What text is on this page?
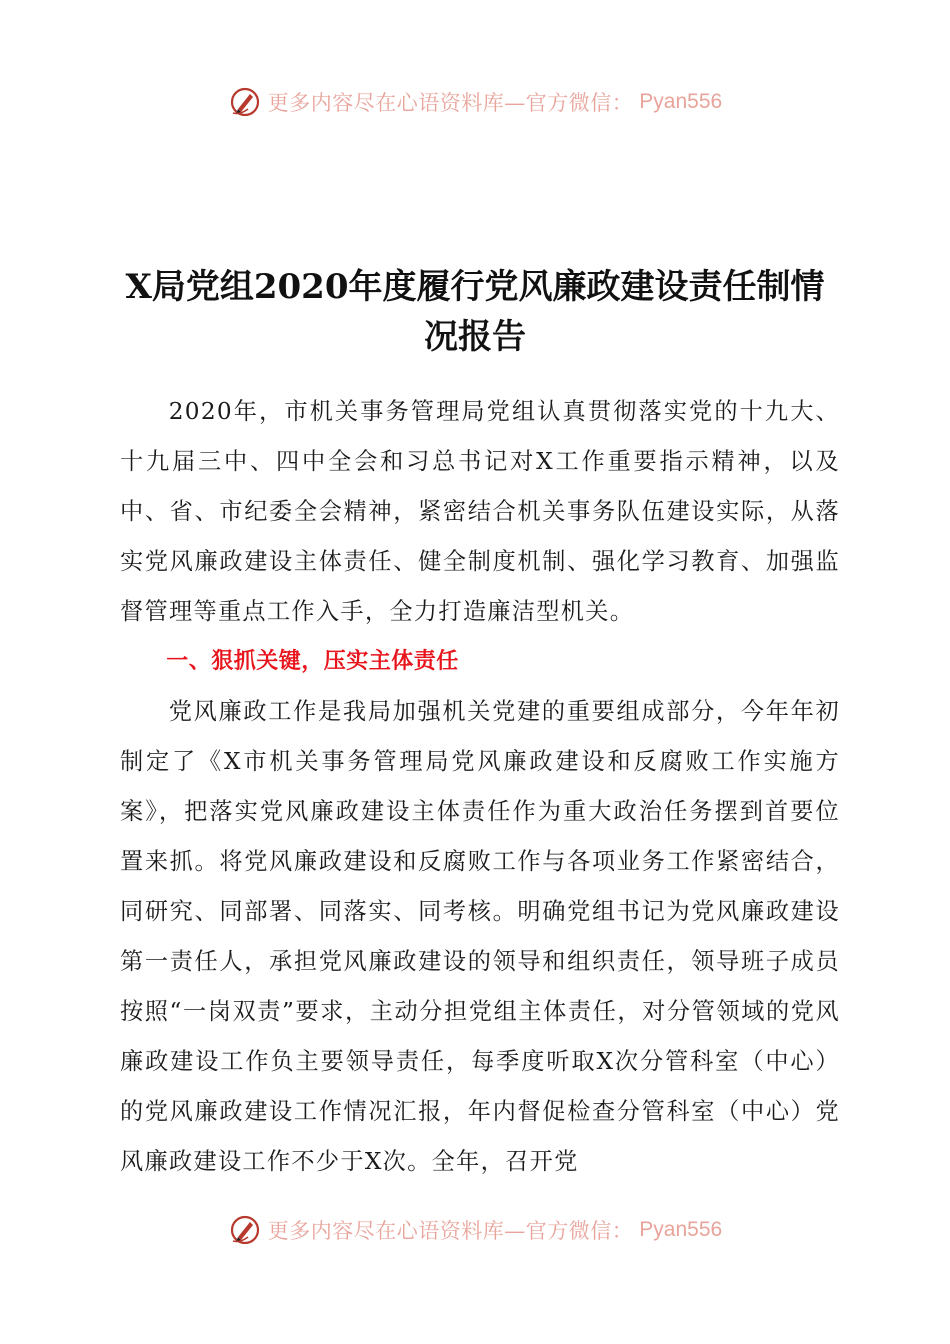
更多内容尽在心语资料库—官方微信： Pyan556
X局党组2020年度履行党风廉政建设责任制情
况报告

2020年，市机关事务管理局党组认真贯彻落实党的十九大、十九届三中、四中全会和习总书记对X工作重要指示精神，以及中、省、市纪委全会精神，紧密结合机关事务队伍建设实际，从落实党风廉政建设主体责任、健全制度机制、强化学习教育、加强监督管理等重点工作入手，全力打造廉洁型机关。

一、狠抓关键，压实主体责任

党风廉政工作是我局加强机关党建的重要组成部分，今年年初制定了《X市机关事务管理局党风廉政建设和反腐败工作实施方案》，把落实党风廉政建设主体责任作为重大政治任务摆到首要位置来抓。将党风廉政建设和反腐败工作与各项业务工作紧密结合，同研究、同部署、同落实、同考核。明确党组书记为党风廉政建设第一责任人，承担党风廉政建设的领导和组织责任，领导班子成员按照“一岗双责”要求，主动分担党组主体责任，对分管领域的党风廉政建设工作负主要领导责任，每季度听取X次分管科室（中心）的党风廉政建设工作情况汇报，年内督促检查分管科室（中心）党风廉政建设工作不少于X次。全年，召开党

更多内容尽在心语资料库—官方微信： Pyan556
